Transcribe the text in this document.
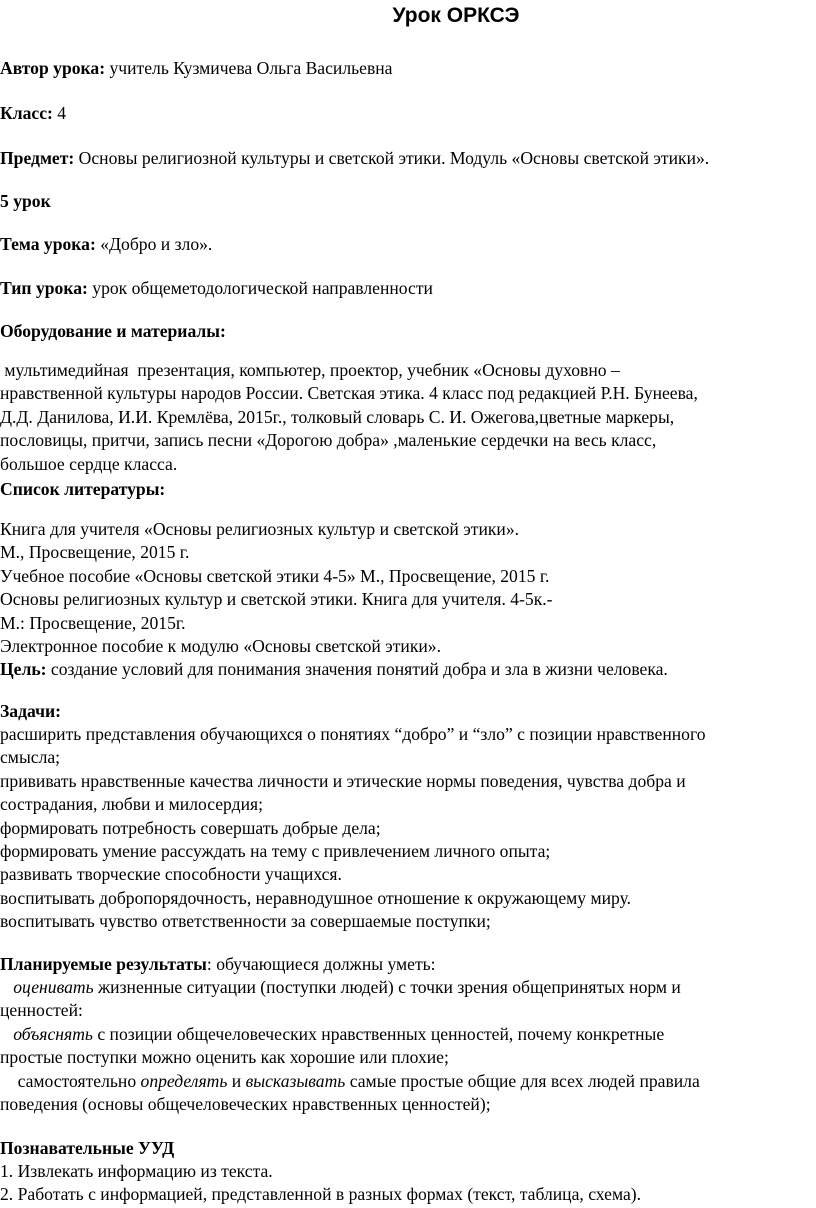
Урок ОРКСЭ
Автор урока: учитель Кузмичева Ольга Васильевна
Класс: 4
Предмет: Основы религиозной культуры и светской этики. Модуль «Основы светской этики».
5 урок
Тема урока: «Добро и зло».
Тип урока: урок общеметодологической направленности
Оборудование и материалы:

мультимедийная  презентация, компьютер, проектор, учебник «Основы духовно –

нравственной культуры народов России. Светская этика. 4 класс под редакцией Р.Н. Бунеева,

Д.Д. Данилова, И.И. Кремлёва, 2015г., толковый словарь С. И. Ожегова,цветные маркеры,

пословицы, притчи, запись песни «Дорогою добра» ,маленькие сердечки на весь класс,

большое сердце класса.

Список литературы:

Книга для учителя «Основы религиозных культур и светской этики».

М., Просвещение, 2015 г.

Учебное пособие «Основы светской этики 4-5» М., Просвещение, 2015 г.

Основы религиозных культур и светской этики. Книга для учителя. 4-5к.-

М.: Просвещение, 2015г.

Электронное пособие к модулю «Основы светской этики».

Цель: создание условий для понимания значения понятий добра и зла в жизни человека.
Задачи:

расширить представления обучающихся о понятиях “добро” и “зло” с позиции нравственного

смысла;

прививать нравственные качества личности и этические нормы поведения, чувства добра и

сострадания, любви и милосердия;

формировать потребность совершать добрые дела;

формировать умение рассуждать на тему с привлечением личного опыта;

развивать творческие способности учащихся.

воспитывать добропорядочность, неравнодушное отношение к окружающему миру.

воспитывать чувство ответственности за совершаемые поступки;

Планируемые результаты: обучающиеся должны уметь:

оценивать жизненные ситуации (поступки людей) с точки зрения общепринятых норм и

ценностей:

объяснять с позиции общечеловеческих нравственных ценностей, почему конкретные

простые поступки можно оценить как хорошие или плохие;

самостоятельно определять и высказывать самые простые общие для всех людей правила

поведения (основы общечеловеческих нравственных ценностей);

Познавательные УУД

1. Извлекать информацию из текста.

2. Работать с информацией, представленной в разных формах (текст, таблица, схема).
